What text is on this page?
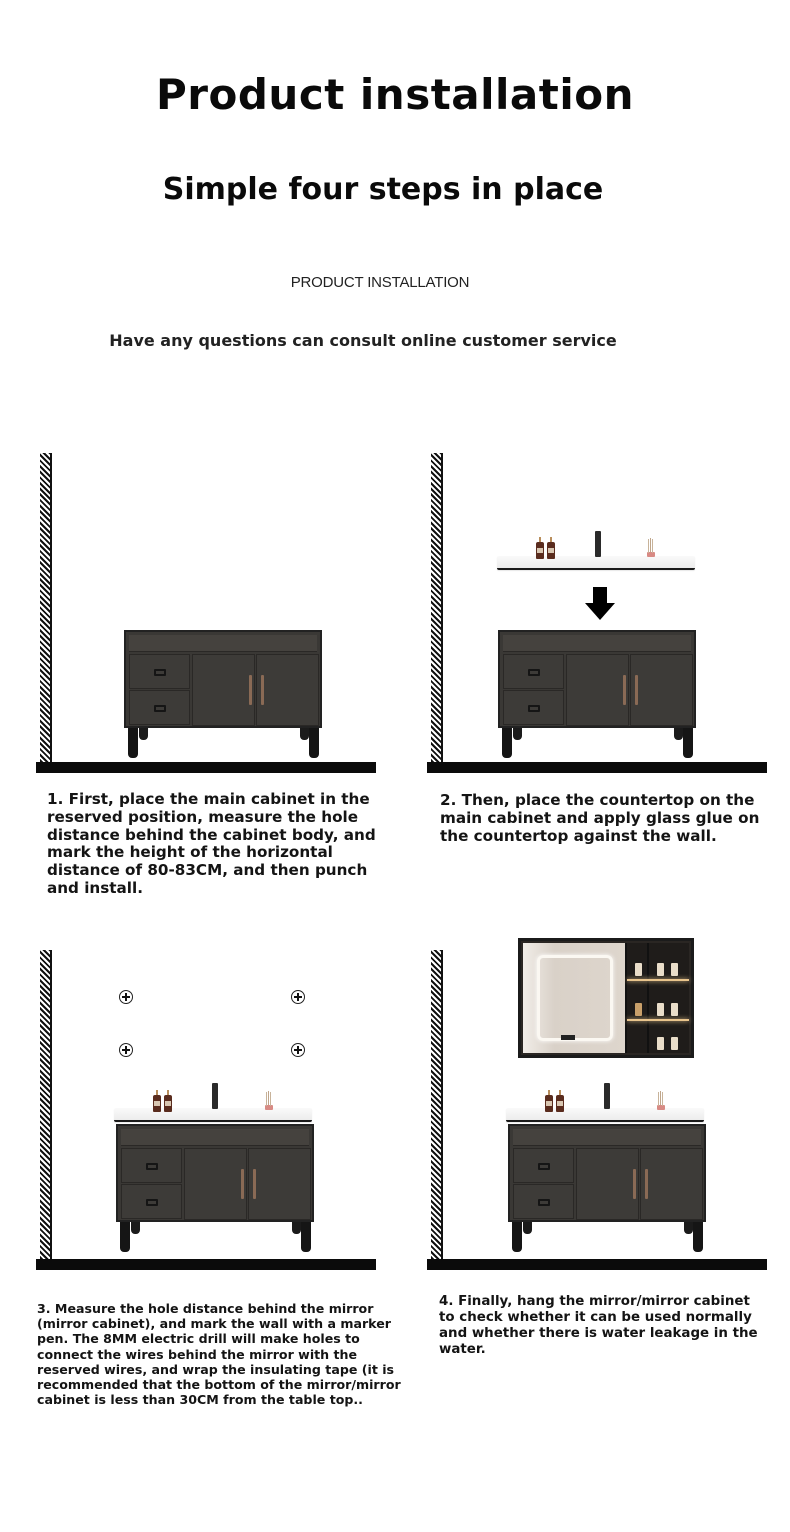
Product installation
Simple four steps in place
PRODUCT INSTALLATION
Have any questions can consult online customer service
1. First, place the main cabinet in the reserved position, measure the hole distance behind the cabinet body, and mark the height of the horizontal distance of 80-83CM, and then punch and install.
2. Then, place the countertop on the main cabinet and apply glass glue on the countertop against the wall.
3. Measure the hole distance behind the mirror (mirror cabinet), and mark the wall with a marker pen. The 8MM electric drill will make holes to connect the wires behind the mirror with the reserved wires, and wrap the insulating tape (it is recommended that the bottom of the mirror/mirror cabinet is less than 30CM from the table top..
4. Finally, hang the mirror/mirror cabinet to check whether it can be used normally and whether there is water leakage in the water.
